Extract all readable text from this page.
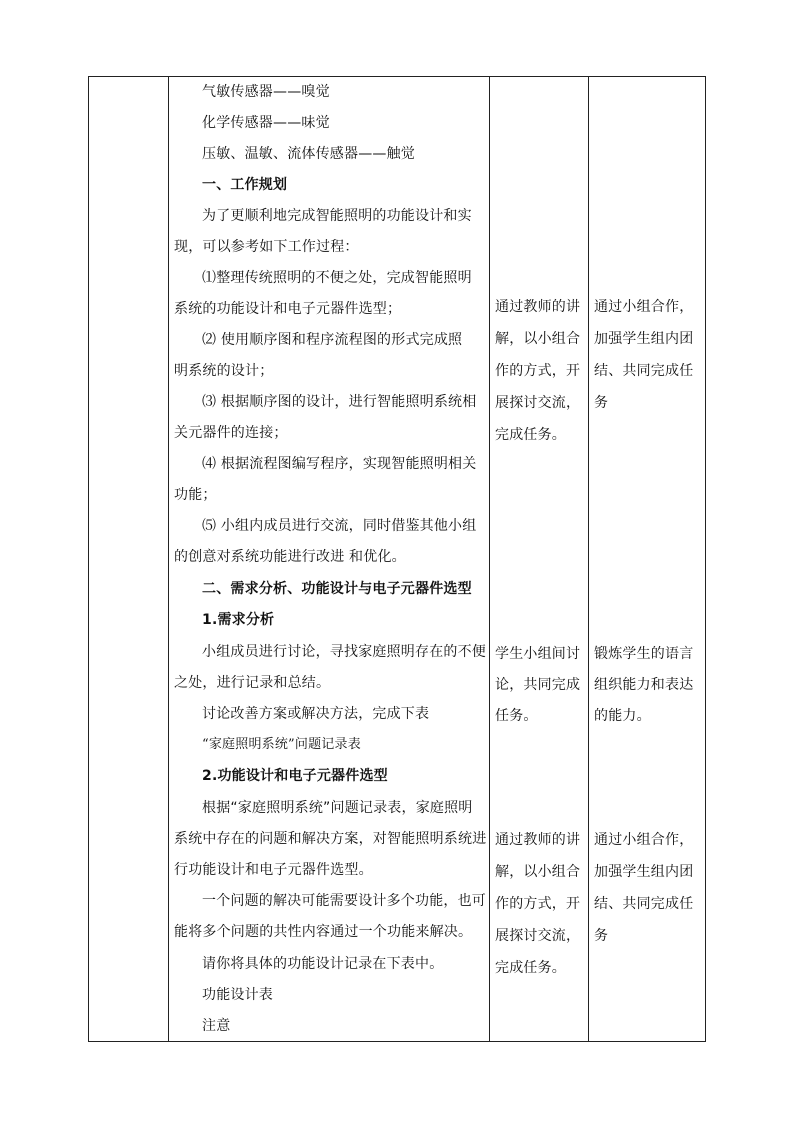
气敏传感器——嗅觉
化学传感器——味觉
压敏、温敏、流体传感器——触觉
一、工作规划
为了更顺利地完成智能照明的功能设计和实
现，可以参考如下工作过程：
⑴整理传统照明的不便之处，完成智能照明
系统的功能设计和电子元器件选型；
⑵ 使用顺序图和程序流程图的形式完成照
明系统的设计；
⑶ 根据顺序图的设计，进行智能照明系统相
关元器件的连接；
⑷ 根据流程图编写程序，实现智能照明相关
功能；
⑸ 小组内成员进行交流，同时借鉴其他小组
的创意对系统功能进行改进 和优化。
二、需求分析、功能设计与电子元器件选型
1.需求分析
小组成员进行讨论，寻找家庭照明存在的不便
之处，进行记录和总结。
讨论改善方案或解决方法，完成下表
“家庭照明系统”问题记录表
2.功能设计和电子元器件选型
根据“家庭照明系统”问题记录表，家庭照明
系统中存在的问题和解决方案，对智能照明系统进
行功能设计和电子元器件选型。
一个问题的解决可能需要设计多个功能，也可
能将多个问题的共性内容通过一个功能来解决。
请你将具体的功能设计记录在下表中。
功能设计表
注意
通过教师的讲
解，以小组合
作的方式，开
展探讨交流，
完成任务。
学生小组间讨
论，共同完成
任务。
通过教师的讲
解，以小组合
作的方式，开
展探讨交流，
完成任务。
通过小组合作，
加强学生组内团
结、共同完成任
务
锻炼学生的语言
组织能力和表达
的能力。
通过小组合作，
加强学生组内团
结、共同完成任
务
